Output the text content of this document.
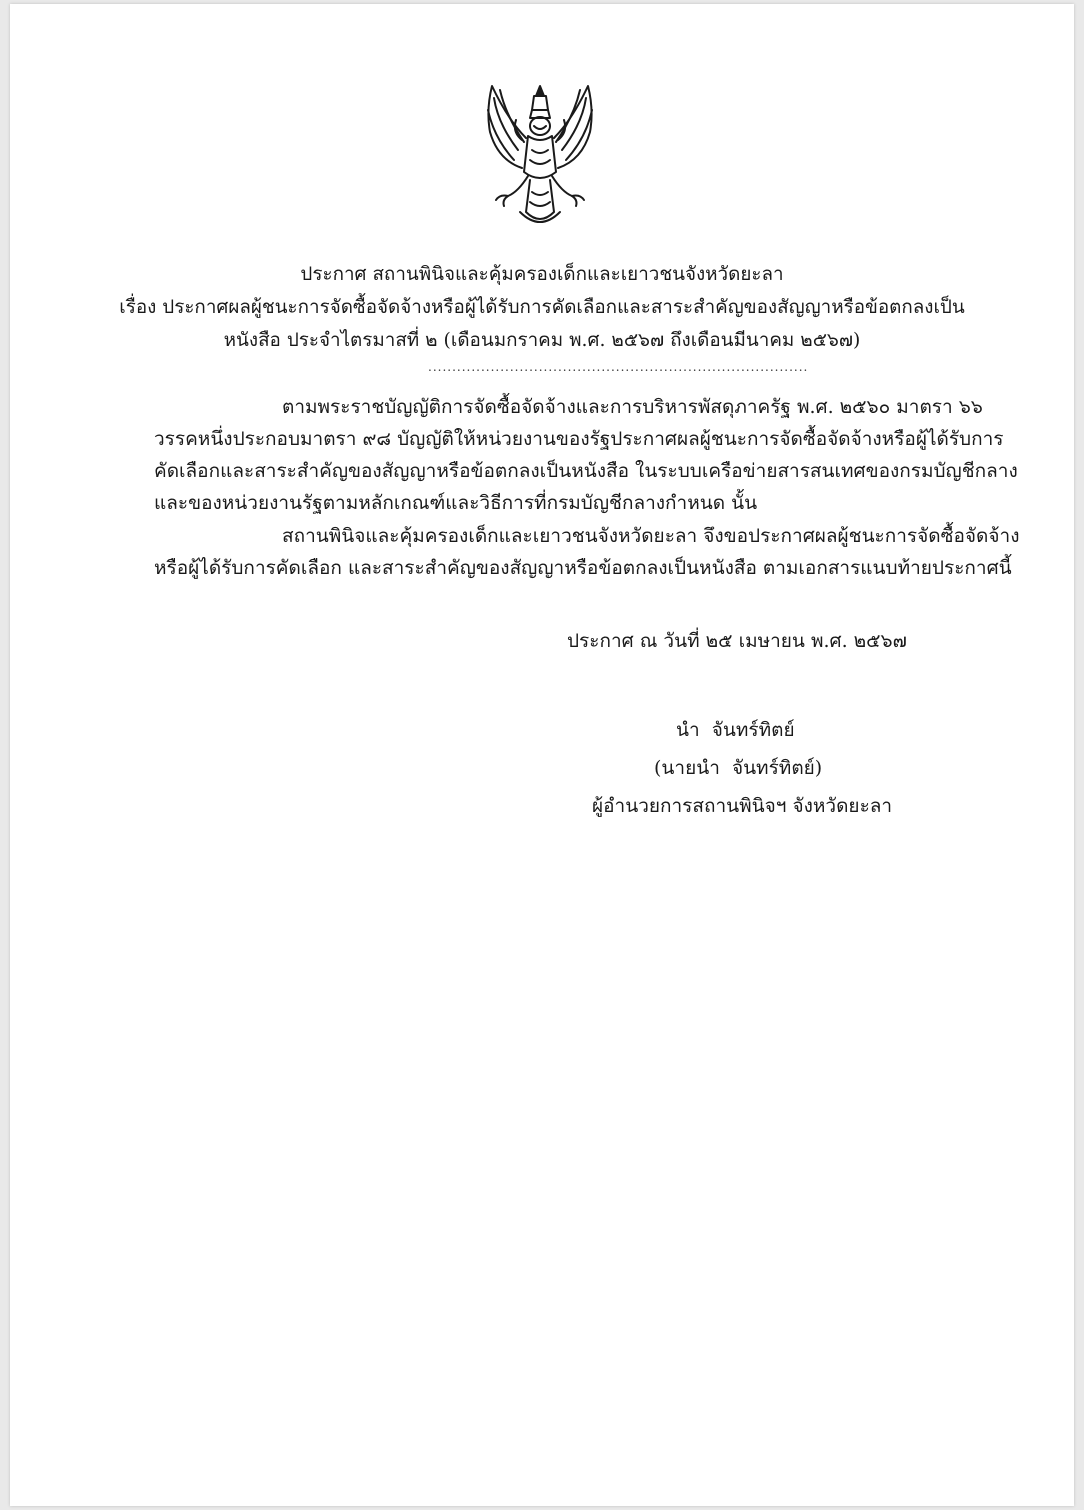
ประกาศ สถานพินิจและคุ้มครองเด็กและเยาวชนจังหวัดยะลา
เรื่อง ประกาศผลผู้ชนะการจัดซื้อจัดจ้างหรือผู้ได้รับการคัดเลือกและสาระสำคัญของสัญญาหรือข้อตกลงเป็น
หนังสือ ประจำไตรมาสที่ ๒ (เดือนมกราคม พ.ศ. ๒๕๖๗ ถึงเดือนมีนาคม ๒๕๖๗)
...............................................................................
ตามพระราชบัญญัติการจัดซื้อจัดจ้างและการบริหารพัสดุภาครัฐ พ.ศ. ๒๕๖๐ มาตรา ๖๖
วรรคหนึ่งประกอบมาตรา ๙๘ บัญญัติให้หน่วยงานของรัฐประกาศผลผู้ชนะการจัดซื้อจัดจ้างหรือผู้ได้รับการ
คัดเลือกและสาระสำคัญของสัญญาหรือข้อตกลงเป็นหนังสือ ในระบบเครือข่ายสารสนเทศของกรมบัญชีกลาง
และของหน่วยงานรัฐตามหลักเกณฑ์และวิธีการที่กรมบัญชีกลางกำหนด นั้น
สถานพินิจและคุ้มครองเด็กและเยาวชนจังหวัดยะลา จึงขอประกาศผลผู้ชนะการจัดซื้อจัดจ้าง
หรือผู้ได้รับการคัดเลือก และสาระสำคัญของสัญญาหรือข้อตกลงเป็นหนังสือ ตามเอกสารแนบท้ายประกาศนี้
ประกาศ ณ วันที่ ๒๕ เมษายน พ.ศ. ๒๕๖๗
นำ  จันทร์ทิตย์
(นายนำ  จันทร์ทิตย์)
ผู้อำนวยการสถานพินิจฯ จังหวัดยะลา
